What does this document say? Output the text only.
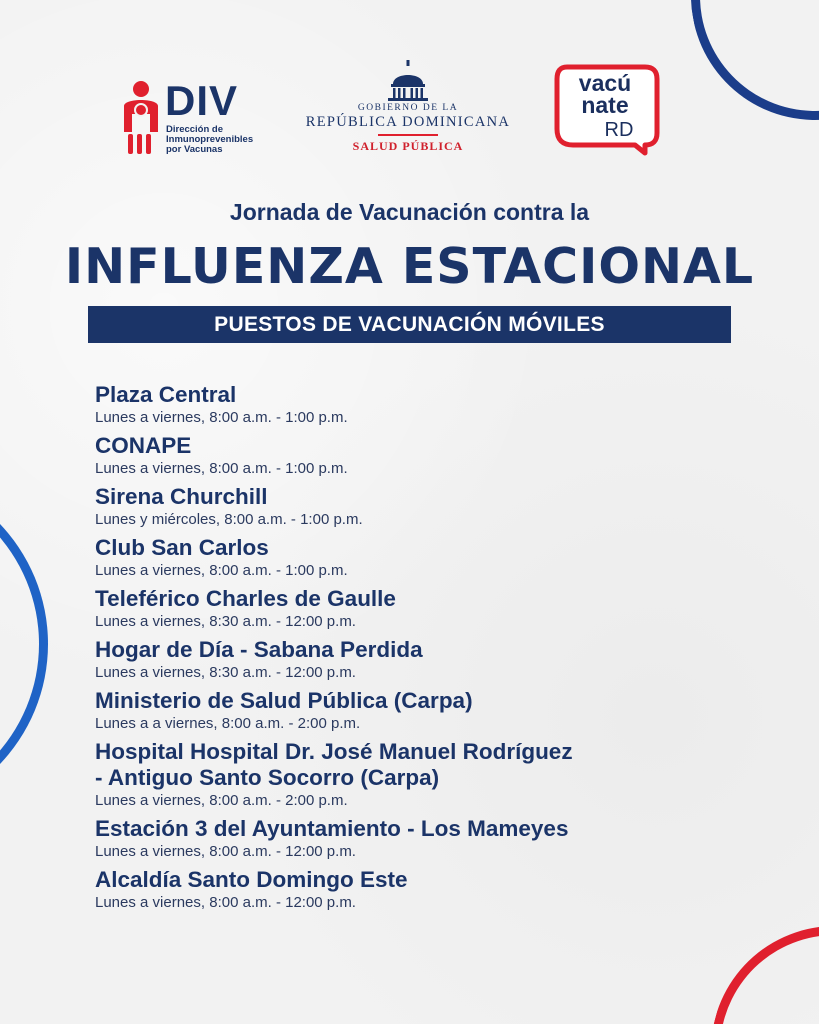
DIV
Dirección de
Inmunoprevenibles
por Vacunas
GOBIERNO DE LA
REPÚBLICA DOMINICANA
SALUD PÚBLICA
vacú
nate
RD
Jornada de Vacunación contra la
INFLUENZA ESTACIONAL
PUESTOS DE VACUNACIÓN MÓVILES
Plaza Central
Lunes a viernes, 8:00 a.m. - 1:00 p.m.
CONAPE
Lunes a viernes, 8:00 a.m. - 1:00 p.m.
Sirena Churchill
Lunes y miércoles, 8:00 a.m. - 1:00 p.m.
Club San Carlos
Lunes a viernes, 8:00 a.m. - 1:00 p.m.
Teleférico Charles de Gaulle
Lunes a viernes, 8:30 a.m. - 12:00 p.m.
Hogar de Día - Sabana Perdida
Lunes a viernes, 8:30 a.m. - 12:00 p.m.
Ministerio de Salud Pública (Carpa)
Lunes a a viernes, 8:00 a.m. - 2:00 p.m.
Hospital Hospital Dr. José Manuel Rodríguez
- Antiguo Santo Socorro (Carpa)
Lunes a viernes, 8:00 a.m. - 2:00 p.m.
Estación 3 del Ayuntamiento - Los Mameyes
Lunes a viernes, 8:00 a.m. - 12:00 p.m.
Alcaldía Santo Domingo Este
Lunes a viernes, 8:00 a.m. - 12:00 p.m.
